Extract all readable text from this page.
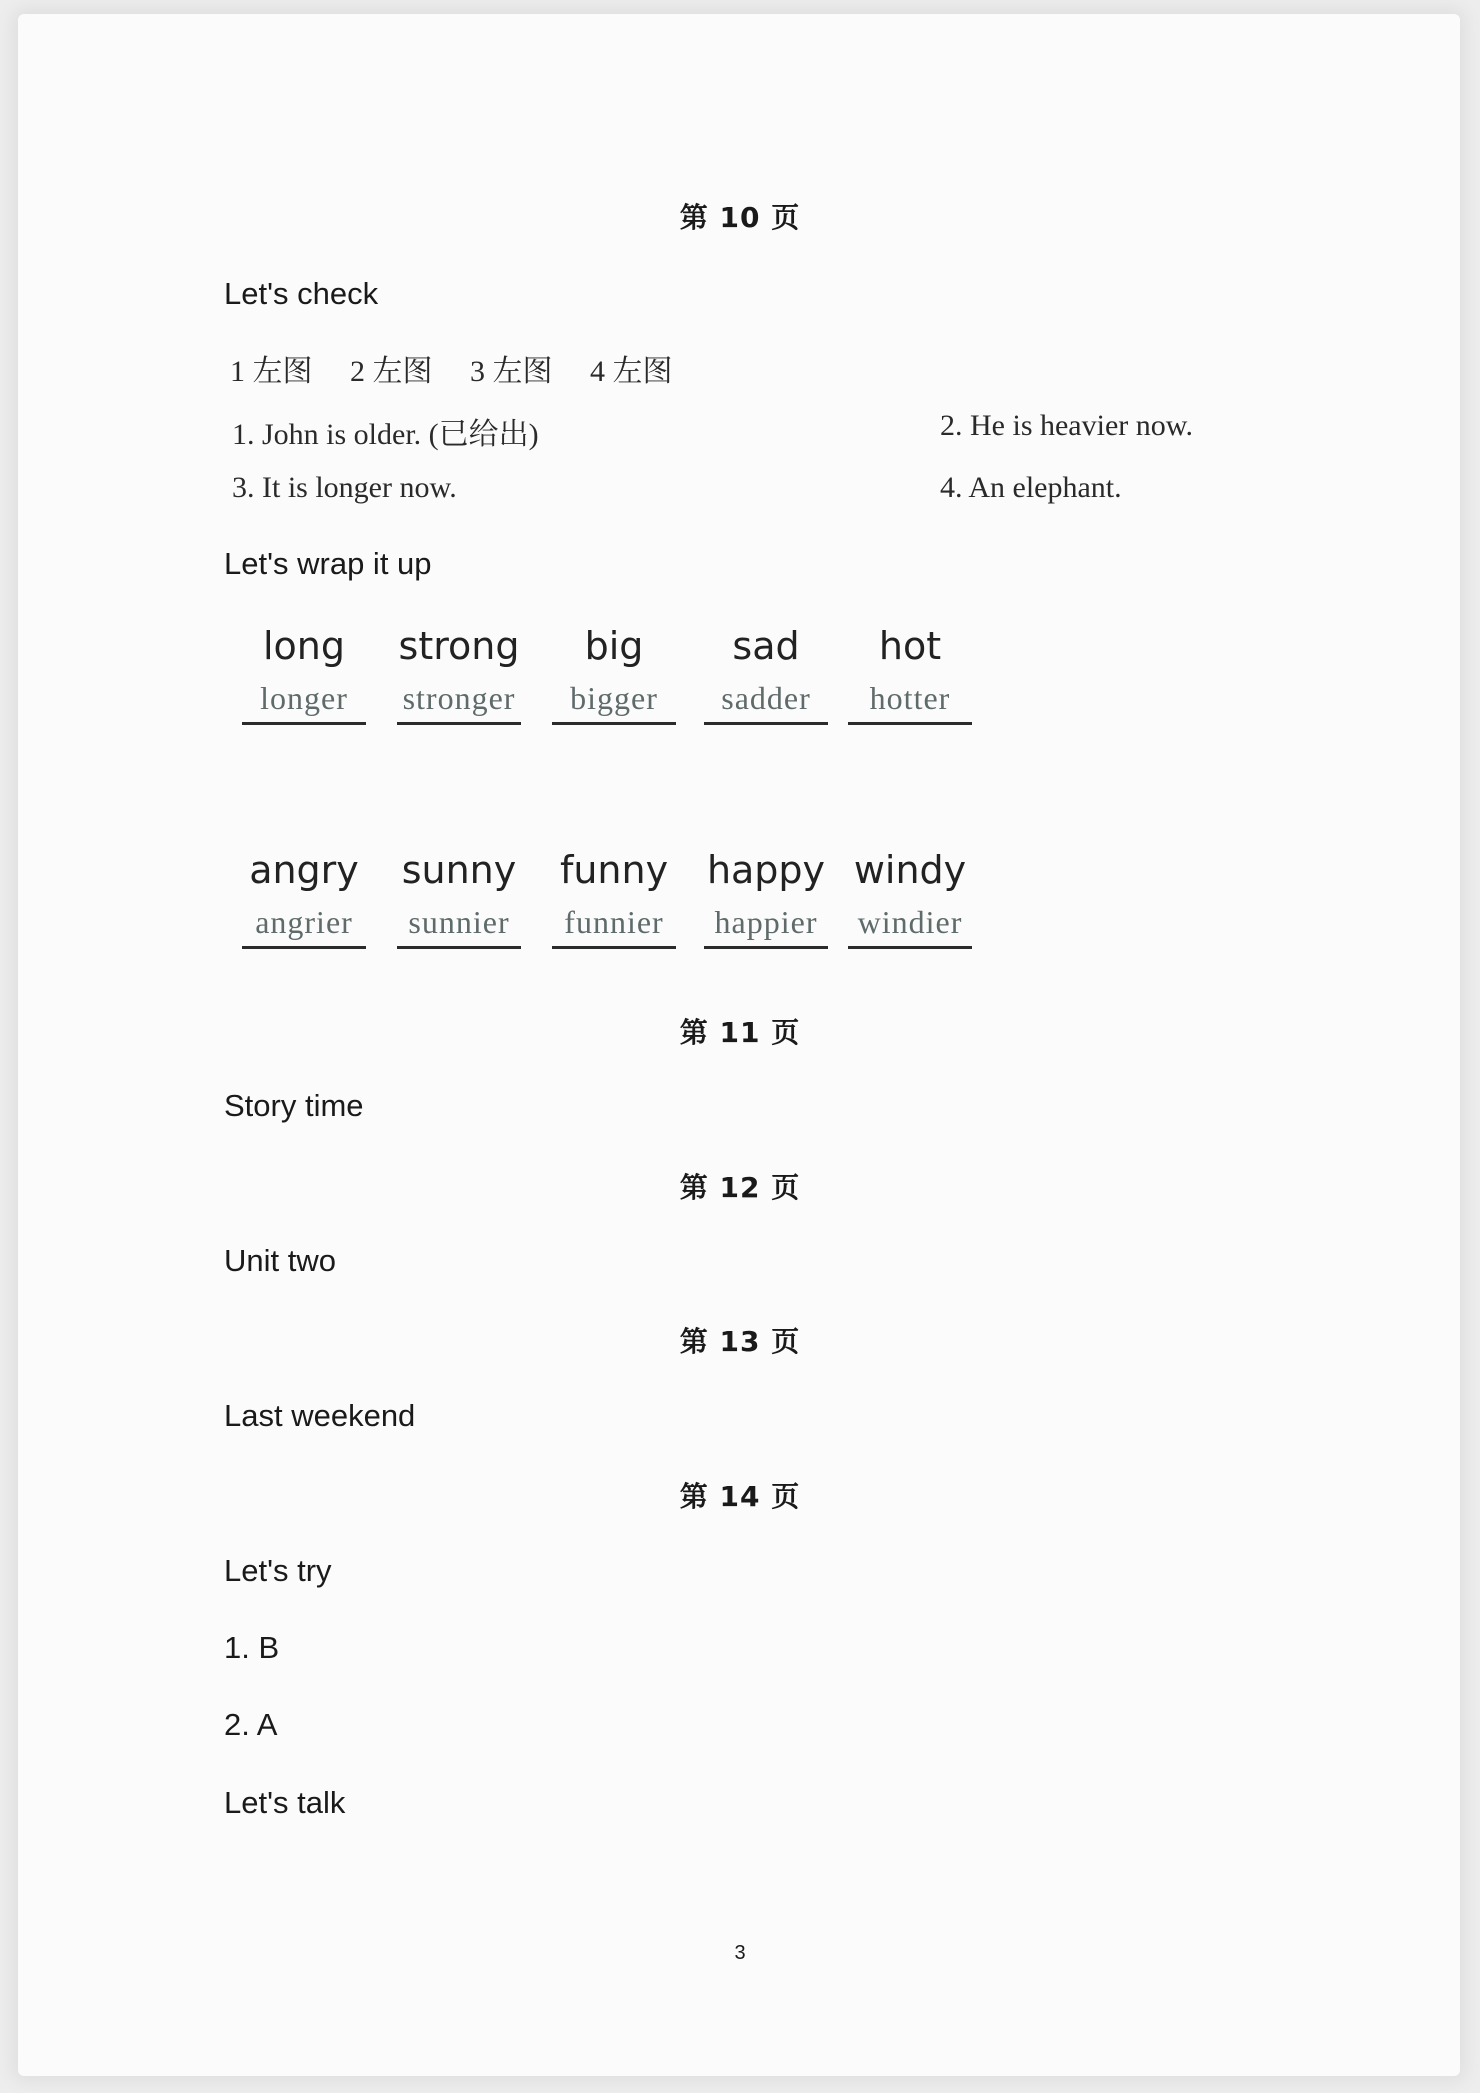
第 10 页
Let's check
1 左图 2 左图 3 左图 4 左图
1. John is older. (已给出)	2. He is heavier now.
3. It is longer now.	4. An elephant.
Let's wrap it up
long
longer
strong
stronger
big
bigger
sad
sadder
hot
hotter
angry
angrier
sunny
sunnier
funny
funnier
happy
happier
windy
windier
第 11 页
Story time
第 12 页
Unit two
第 13 页
Last weekend
第 14 页
Let's try
1. B
2. A
Let's talk
3
